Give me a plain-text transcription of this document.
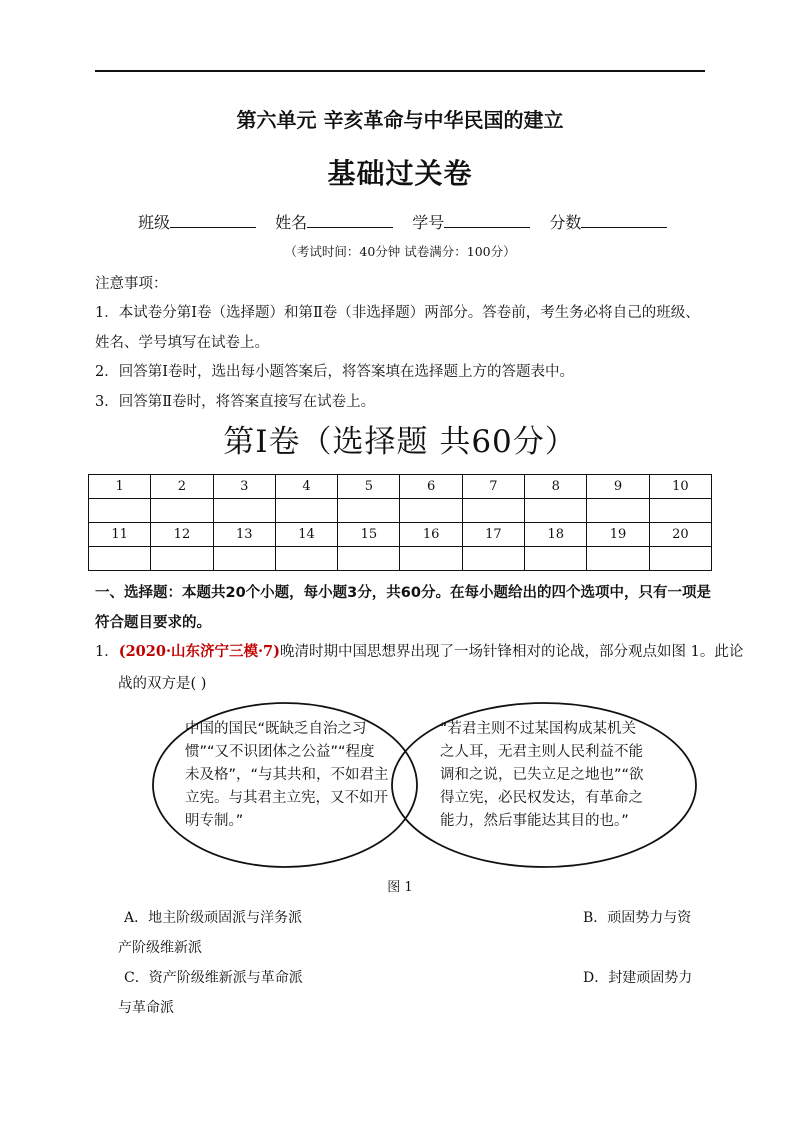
第六单元 辛亥革命与中华民国的建立
基础过关卷
班级	姓名	学号	分数
（考试时间：40分钟 试卷满分：100分）
注意事项：
1．本试卷分第Ⅰ卷（选择题）和第Ⅱ卷（非选择题）两部分。答卷前，考生务必将自己的班级、
姓名、学号填写在试卷上。
2．回答第Ⅰ卷时，选出每小题答案后，将答案填在选择题上方的答题表中。
3．回答第Ⅱ卷时，将答案直接写在试卷上。
第Ⅰ卷（选择题 共60分）
1	2	3	4	5	6	7	8	9	10

11	12	13	14	15	16	17	18	19	20

一、选择题：本题共20个小题，每小题3分，共60分。在每小题给出的四个选项中，只有一项是
符合题目要求的。
1．(2020·山东济宁三模·7)晚清时期中国思想界出现了一场针锋相对的论战，部分观点如图 1。此论
战的双方是( )
中国的国民“既缺乏自治之习
惯”“又不识团体之公益”“程度
未及格”，“与其共和，不如君主
立宪。与其君主立宪，又不如开
明专制。”
“若君主则不过某国构成某机关
之人耳，无君主则人民利益不能
调和之说，已失立足之地也”“欲
得立宪，必民权发达，有革命之
能力，然后事能达其目的也。”
图 1
A．地主阶级顽固派与洋务派	B．顽固势力与资
产阶级维新派
C．资产阶级维新派与革命派	D．封建顽固势力
与革命派
